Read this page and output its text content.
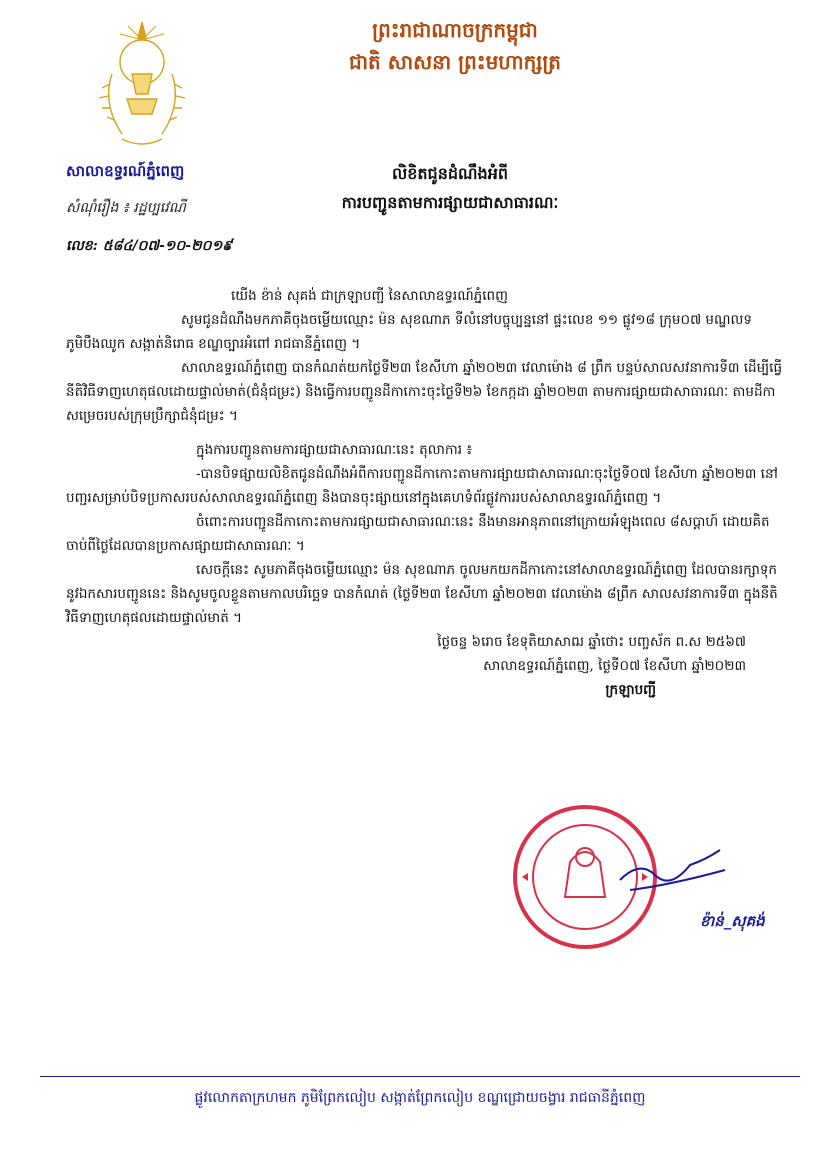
ព្រះរាជាណាចក្រកម្ពុជា
ជាតិ សាសនា ព្រះមហាក្សត្រ
សាលាឧទ្ធរណ៍ភ្នំពេញ
សំណុំរឿង ៖ រដ្ឋប្បវេណី
លិខិតជូនដំណឹងអំពី
ការបញ្ជូនតាមការផ្សាយជាសាធារណៈ
លេខ: ៥៨៤/០៧-១០-២០១៩

យើង ខ៉ាន់ សុគង់ ជាក្រឡាបញ្ជី នៃសាលាឧទ្ធរណ៍ភ្នំពេញ

សូមជូនដំណឹងមកភាគីចុងចម្លើយឈ្មោះ ម៉ន សុខណាភ ទីលំនៅបច្ចុប្បន្ននៅ ផ្ទះលេខ ១១ ផ្លូវ១៨ ក្រុម០៧ មណ្ឌលទ ភូមិបឹងឈូក សង្កាត់និរោធ ខណ្ឌច្បារអំពៅ រាជធានីភ្នំពេញ ។

សាលាឧទ្ធរណ៍ភ្នំពេញ បានកំណត់យកថ្ងៃទី២៣ ខែសីហា ឆ្នាំ២០២៣ វេលាម៉ោង ៨ ព្រឹក បន្ទប់សាលសវនាការទី៣ ដើម្បីធ្វើនីតិវិធីទាញហេតុផលដោយផ្ទាល់មាត់(ជំនុំជម្រះ) និងធ្វើការបញ្ជូនដីកាកោះចុះថ្ងៃទី២៦ ខែកក្កដា ឆ្នាំ២០២៣ តាមការផ្សាយជាសាធារណៈ តាមដីកាសម្រេចរបស់ក្រុមប្រឹក្សាជំនុំជម្រះ ។

ក្នុងការបញ្ជូនតាមការផ្សាយជាសាធារណៈនេះ តុលាការ ៖

-បានបិទផ្សាយលិខិតជូនដំណឹងអំពីការបញ្ជូនដីកាកោះតាមការផ្សាយជាសាធារណៈចុះថ្ងៃទី០៧ ខែសីហា ឆ្នាំ២០២៣ នៅបញ្ជរសម្រាប់បិទប្រកាសរបស់សាលាឧទ្ធរណ៍ភ្នំពេញ និងបានចុះផ្សាយនៅក្នុងគេហទំព័រផ្លូវការរបស់សាលាឧទ្ធរណ៍ភ្នំពេញ ។

ចំពោះការបញ្ជូនដីកាកោះតាមការផ្សាយជាសាធារណៈនេះ នឹងមានអានុភាពនៅក្រោយអំឡុងពេល ៨សប្តាហ៍ ដោយគិតចាប់ពីថ្ងៃដែលបានប្រកាសផ្សាយជាសាធារណៈ ។

សេចក្តីនេះ សូមភាគីចុងចម្លើយឈ្មោះ ម៉ន សុខណាភ ចូលមកយកដីកាកោះនៅសាលាឧទ្ធរណ៍ភ្នំពេញ ដែលបានរក្សាទុកនូវឯកសារបញ្ជូននេះ និងសូមចូលខ្លួនតាមកាលបរិច្ឆេទ បានកំណត់ (ថ្ងៃទី២៣ ខែសីហា ឆ្នាំ២០២៣ វេលាម៉ោង ៨ព្រឹក សាលសវនាការទី៣ ក្នុងនីតិវិធីទាញហេតុផលដោយផ្ទាល់មាត់ ។

ថ្ងៃចន្ទ ៦រោច ខែទុតិយាសាឍ ឆ្នាំថោះ បញ្ចស័ក ព.ស ២៥៦៧

សាលាឧទ្ធរណ៍ភ្នំពេញ, ថ្ងៃទី០៧ ខែសីហា ឆ្នាំ២០២៣

ក្រឡាបញ្ជី

ខ៉ាន់_សុគង់
ផ្លូវលោកតាក្រហមក ភូមិព្រែកលៀប សង្កាត់ព្រែកលៀប ខណ្ឌជ្រោយចង្វារ រាជធានីភ្នំពេញ
